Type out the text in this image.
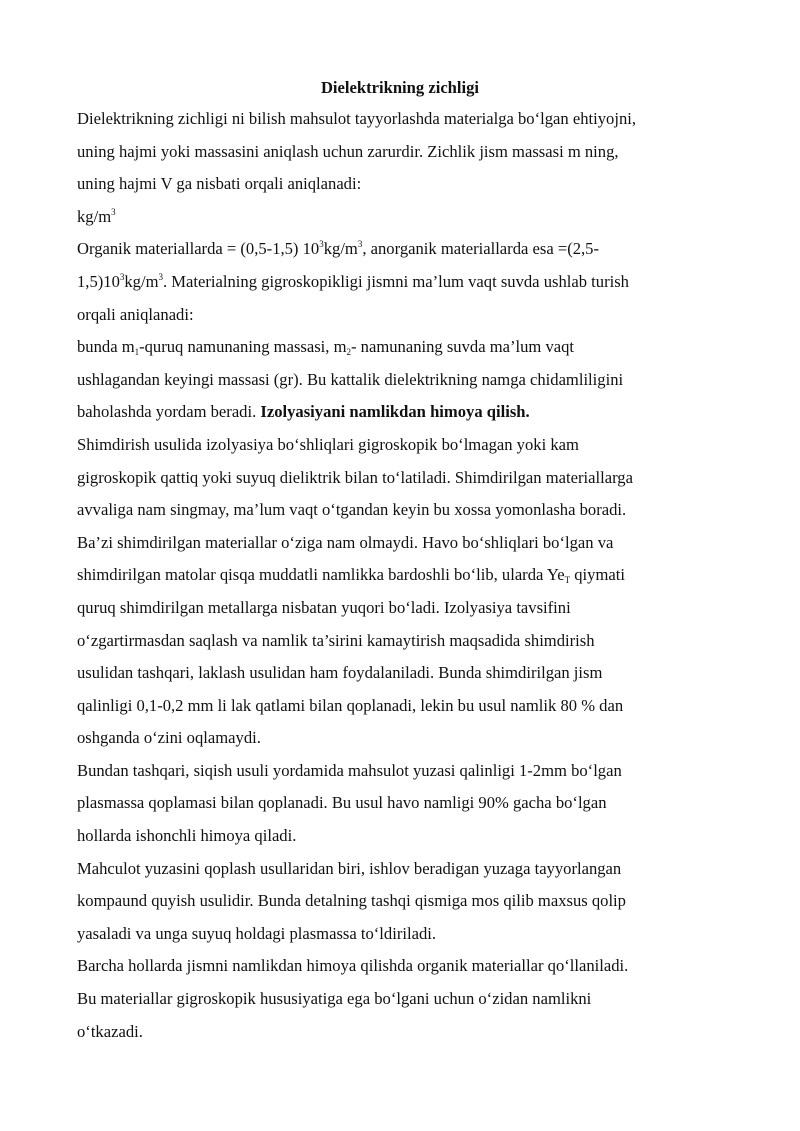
Dielektrikning zichligi
Dielektrikning zichligi ni bilish mahsulot tayyorlashda materialga bo‘lgan ehtiyojni,
uning hajmi yoki massasini aniqlash uchun zarurdir. Zichlik jism massasi m ning,
uning hajmi V ga nisbati orqali aniqlanadi:
$kg/m^3$
Organik materiallarda = (0,5-1,5) $10^3kg/m^3$, anorganik materiallarda esa =(2,5-
$1,5)10^3kg/m^3$. Materialning gigroskopikligi jismni ma’lum vaqt suvda ushlab turish
orqali aniqlanadi:
bunda $m_1$-quruq namunaning massasi, $m_2-$ namunaning suvda ma’lum vaqt
ushlagandan keyingi massasi (gr). Bu kattalik dielektrikning namga chidamliligini
baholashda yordam beradi. Izolyasiyani namlikdan himoya qilish.
Shimdirish usulida izolyasiya bo‘shliqlari gigroskopik bo‘lmagan yoki kam
gigroskopik qattiq yoki suyuq dieliktrik bilan to‘latiladi. Shimdirilgan materiallarga
avvaliga nam singmay, ma’lum vaqt o‘tgandan keyin bu xossa yomonlasha boradi.
Ba’zi shimdirilgan materiallar o‘ziga nam olmaydi. Havo bo‘shliqlari bo‘lgan va
shimdirilgan matolar qisqa muddatli namlikka bardoshli bo‘lib, ularda $Ye_T$ qiymati
quruq shimdirilgan metallarga nisbatan yuqori bo‘ladi. Izolyasiya tavsifini
o‘zgartirmasdan saqlash va namlik ta’sirini kamaytirish maqsadida shimdirish
usulidan tashqari, laklash usulidan ham foydalaniladi. Bunda shimdirilgan jism
qalinligi 0,1-0,2 mm li lak qatlami bilan qoplanadi, lekin bu usul namlik 80 % dan
oshganda o‘zini oqlamaydi.
Bundan tashqari, siqish usuli yordamida mahsulot yuzasi qalinligi 1-2mm bo‘lgan
plasmassa qoplamasi bilan qoplanadi. Bu usul havo namligi 90% gacha bo‘lgan
hollarda ishonchli himoya qiladi.
Mahculot yuzasini qoplash usullaridan biri, ishlov beradigan yuzaga tayyorlangan
kompaund quyish usulidir. Bunda detalning tashqi qismiga mos qilib maxsus qolip
yasaladi va unga suyuq holdagi plasmassa to‘ldiriladi.
Barcha hollarda jismni namlikdan himoya qilishda organik materiallar qo‘llaniladi.
Bu materiallar gigroskopik hususiyatiga ega bo‘lgani uchun o‘zidan namlikni
o‘tkazadi.
